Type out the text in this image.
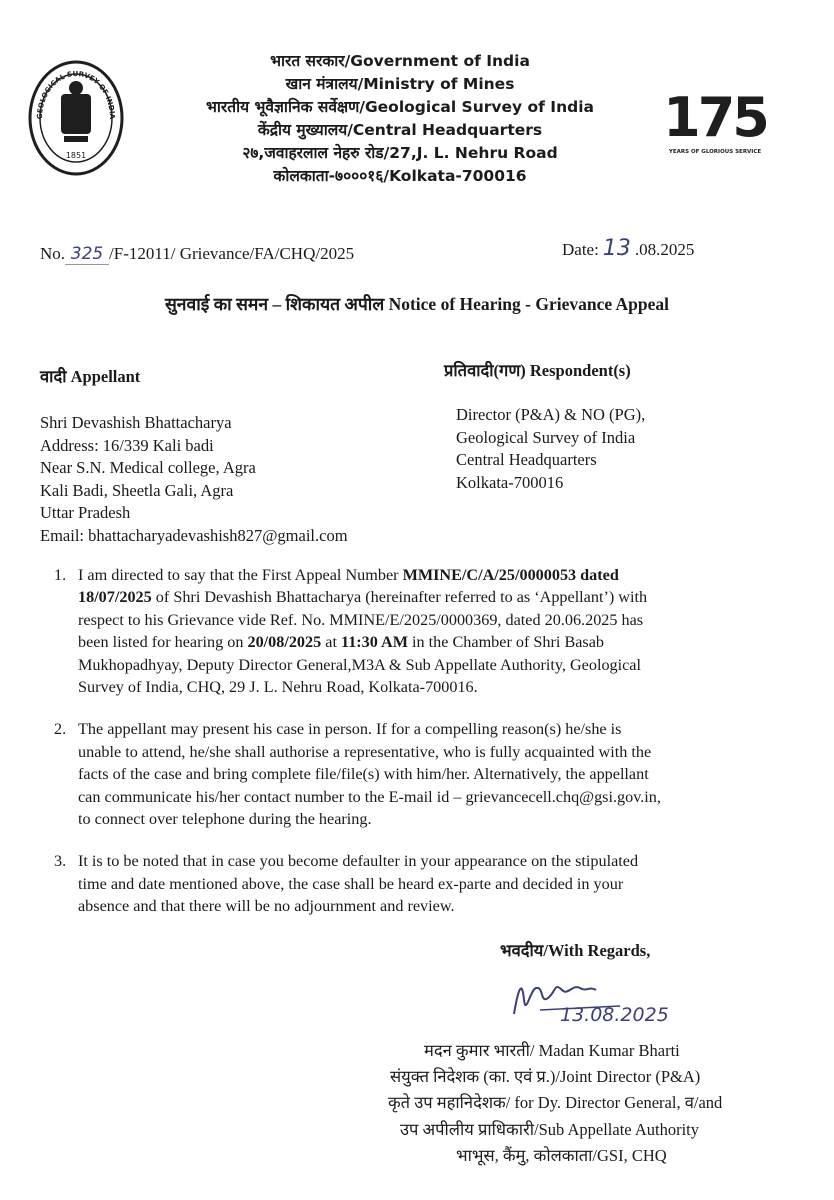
GEOLOGICAL SURVEY OF INDIA
1851
भारत सरकार/Government of India
खान मंत्रालय/Ministry of Mines
भारतीय भूवैज्ञानिक सर्वेक्षण/Geological Survey of India
केंद्रीय मुख्यालय/Central Headquarters
२७,जवाहरलाल नेहरु रोड/27,J. L. Nehru Road
कोलकाता-७०००१६/Kolkata-700016
175
YEARS OF GLORIOUS SERVICE
No. 325 /F-12011/ Grievance/FA/CHQ/2025	Date: 13 .08.2025
सुनवाई का समन – शिकायत अपील Notice of Hearing - Grievance Appeal
वादी Appellant
Shri Devashish Bhattacharya
Address: 16/339 Kali badi
Near S.N. Medical college, Agra
Kali Badi, Sheetla Gali, Agra
Uttar Pradesh
Email: bhattacharyadevashish827@gmail.com
प्रतिवादी(गण) Respondent(s)
Director (P&A) & NO (PG),
Geological Survey of India
Central Headquarters
Kolkata-700016
1. I am directed to say that the First Appeal Number MMINE/C/A/25/0000053 dated
18/07/2025 of Shri Devashish Bhattacharya (hereinafter referred to as ‘Appellant’) with
respect to his Grievance vide Ref. No. MMINE/E/2025/0000369, dated 20.06.2025 has
been listed for hearing on 20/08/2025 at 11:30 AM in the Chamber of Shri Basab
Mukhopadhyay, Deputy Director General,M3A & Sub Appellate Authority, Geological
Survey of India, CHQ, 29 J. L. Nehru Road, Kolkata-700016.
2. The appellant may present his case in person. If for a compelling reason(s) he/she is
unable to attend, he/she shall authorise a representative, who is fully acquainted with the
facts of the case and bring complete file/file(s) with him/her. Alternatively, the appellant
can communicate his/her contact number to the E-mail id – grievancecell.chq@gsi.gov.in,
to connect over telephone during the hearing.
3. It is to be noted that in case you become defaulter in your appearance on the stipulated
time and date mentioned above, the case shall be heard ex-parte and decided in your
absence and that there will be no adjournment and review.
भवदीय/With Regards,
13.08.2025
मदन कुमार भारती/ Madan Kumar Bharti
संयुक्त निदेशक (का. एवं प्र.)/Joint Director (P&A)
कृते उप महानिदेशक/ for Dy. Director General, व/and
उप अपीलीय प्राधिकारी/Sub Appellate Authority
भाभूस, कैंमु, कोलकाता/GSI, CHQ
